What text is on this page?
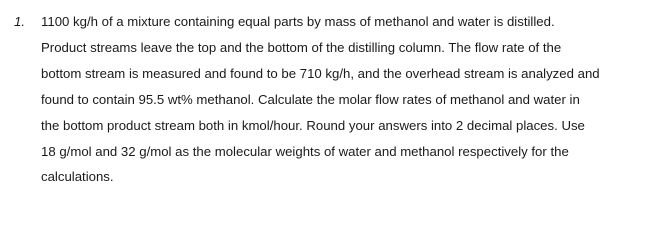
1. 1100 kg/h of a mixture containing equal parts by mass of methanol and water is distilled.
Product streams leave the top and the bottom of the distilling column. The flow rate of the
bottom stream is measured and found to be 710 kg/h, and the overhead stream is analyzed and
found to contain 95.5 wt% methanol. Calculate the molar flow rates of methanol and water in
the bottom product stream both in kmol/hour. Round your answers into 2 decimal places. Use
18 g/mol and 32 g/mol as the molecular weights of water and methanol respectively for the
calculations.
